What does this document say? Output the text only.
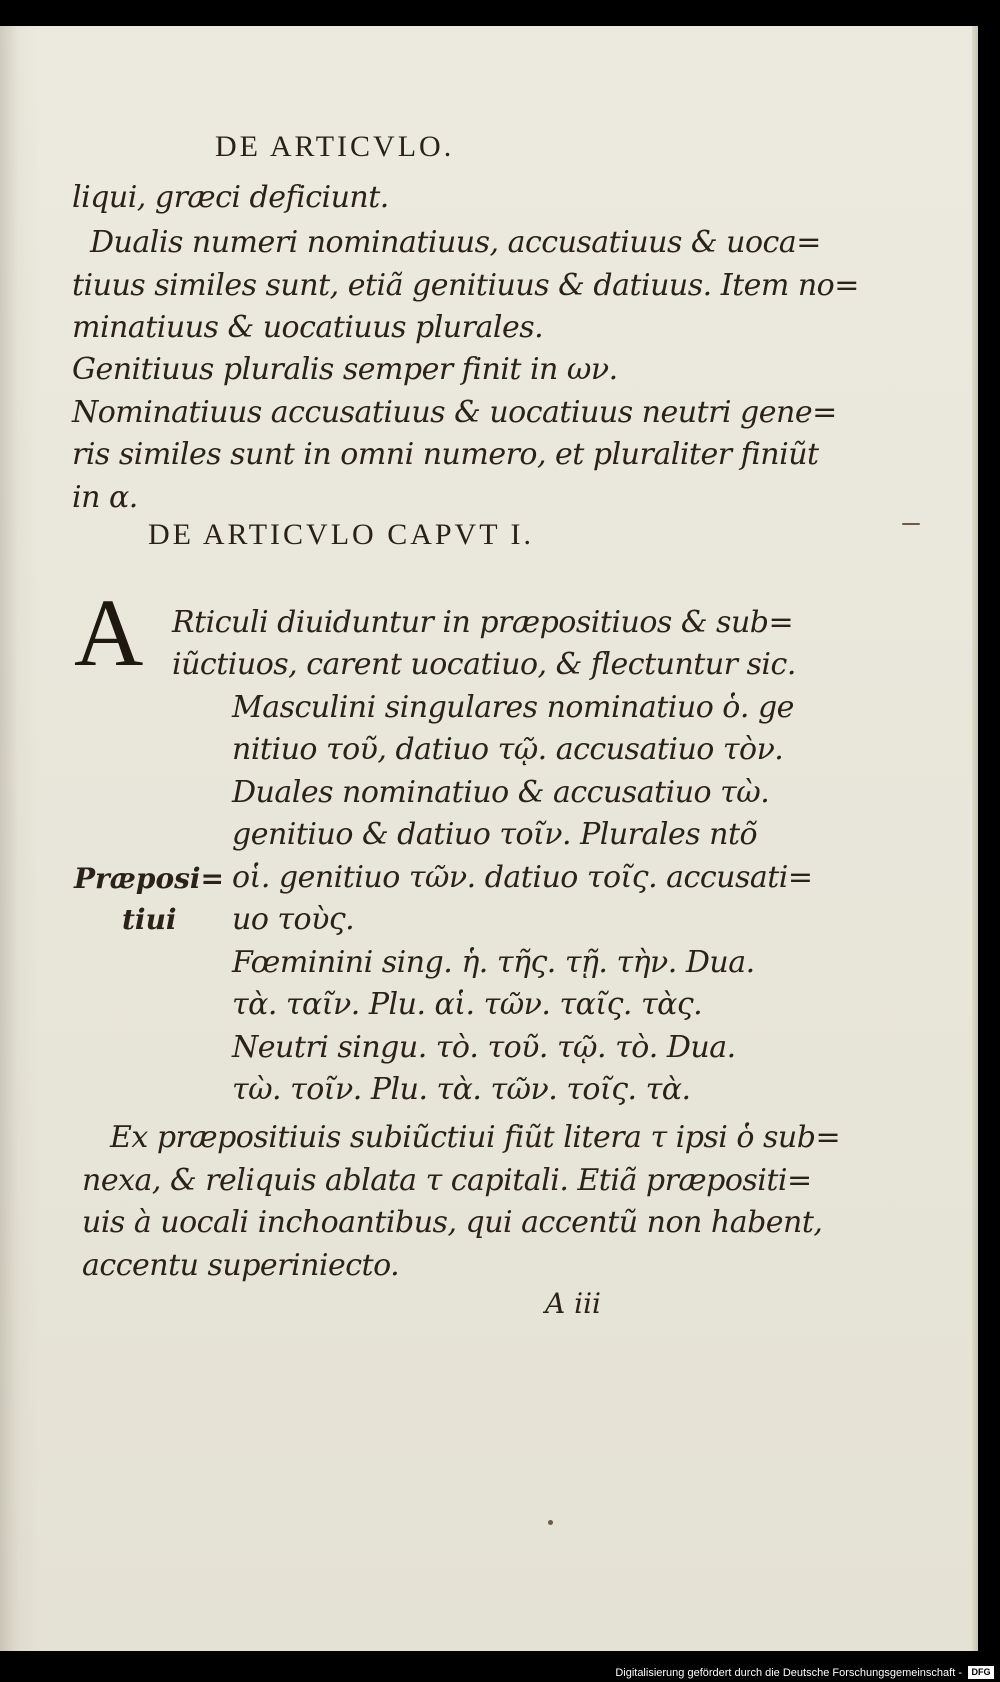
DE ARTICVLO.
liqui, græci deficiunt.
Dualis numeri nominatiuus, accusatiuus & uoca=
tiuus similes sunt, etiã genitiuus & datiuus. Item no=
minatiuus & uocatiuus plurales.
Genitiuus pluralis semper finit in ων.
Nominatiuus accusatiuus & uocatiuus neutri gene=
ris similes sunt in omni numero, et pluraliter finiũt
in α.
DE ARTICVLO CAPVT I.
A Rticuli diuiduntur in præpositiuos & sub=
iũctiuos, carent uocatiuo, & flectuntur sic.
Masculini singulares nominatiuo ὁ. ge
nitiuo τοῦ, datiuo τῷ. accusatiuo τὸν.
Duales nominatiuo & accusatiuo τὼ.
genitiuo & datiuo τοῖν. Plurales ntõ
οἱ. genitiuo τῶν. datiuo τοῖς. accusati=
uo τοὺς.
Fœminini sing. ἡ. τῆς. τῇ. τὴν. Dua.
τὰ. ταῖν. Plu. αἱ. τῶν. ταῖς. τὰς.
Neutri singu. τὸ. τοῦ. τῷ. τὸ. Dua.
τὼ. τοῖν. Plu. τὰ. τῶν. τοῖς. τὰ.
Præposi=
tiui
Ex præpositiuis subiũctiui fiũt litera τ ipsi ὁ sub=
nexa, & reliquis ablata τ capitali. Etiã præpositi=
uis à uocali inchoantibus, qui accentũ non habent,
accentu superiniecto.
A iii
Digitalisierung gefördert durch die Deutsche Forschungsgemeinschaft -	DFG
